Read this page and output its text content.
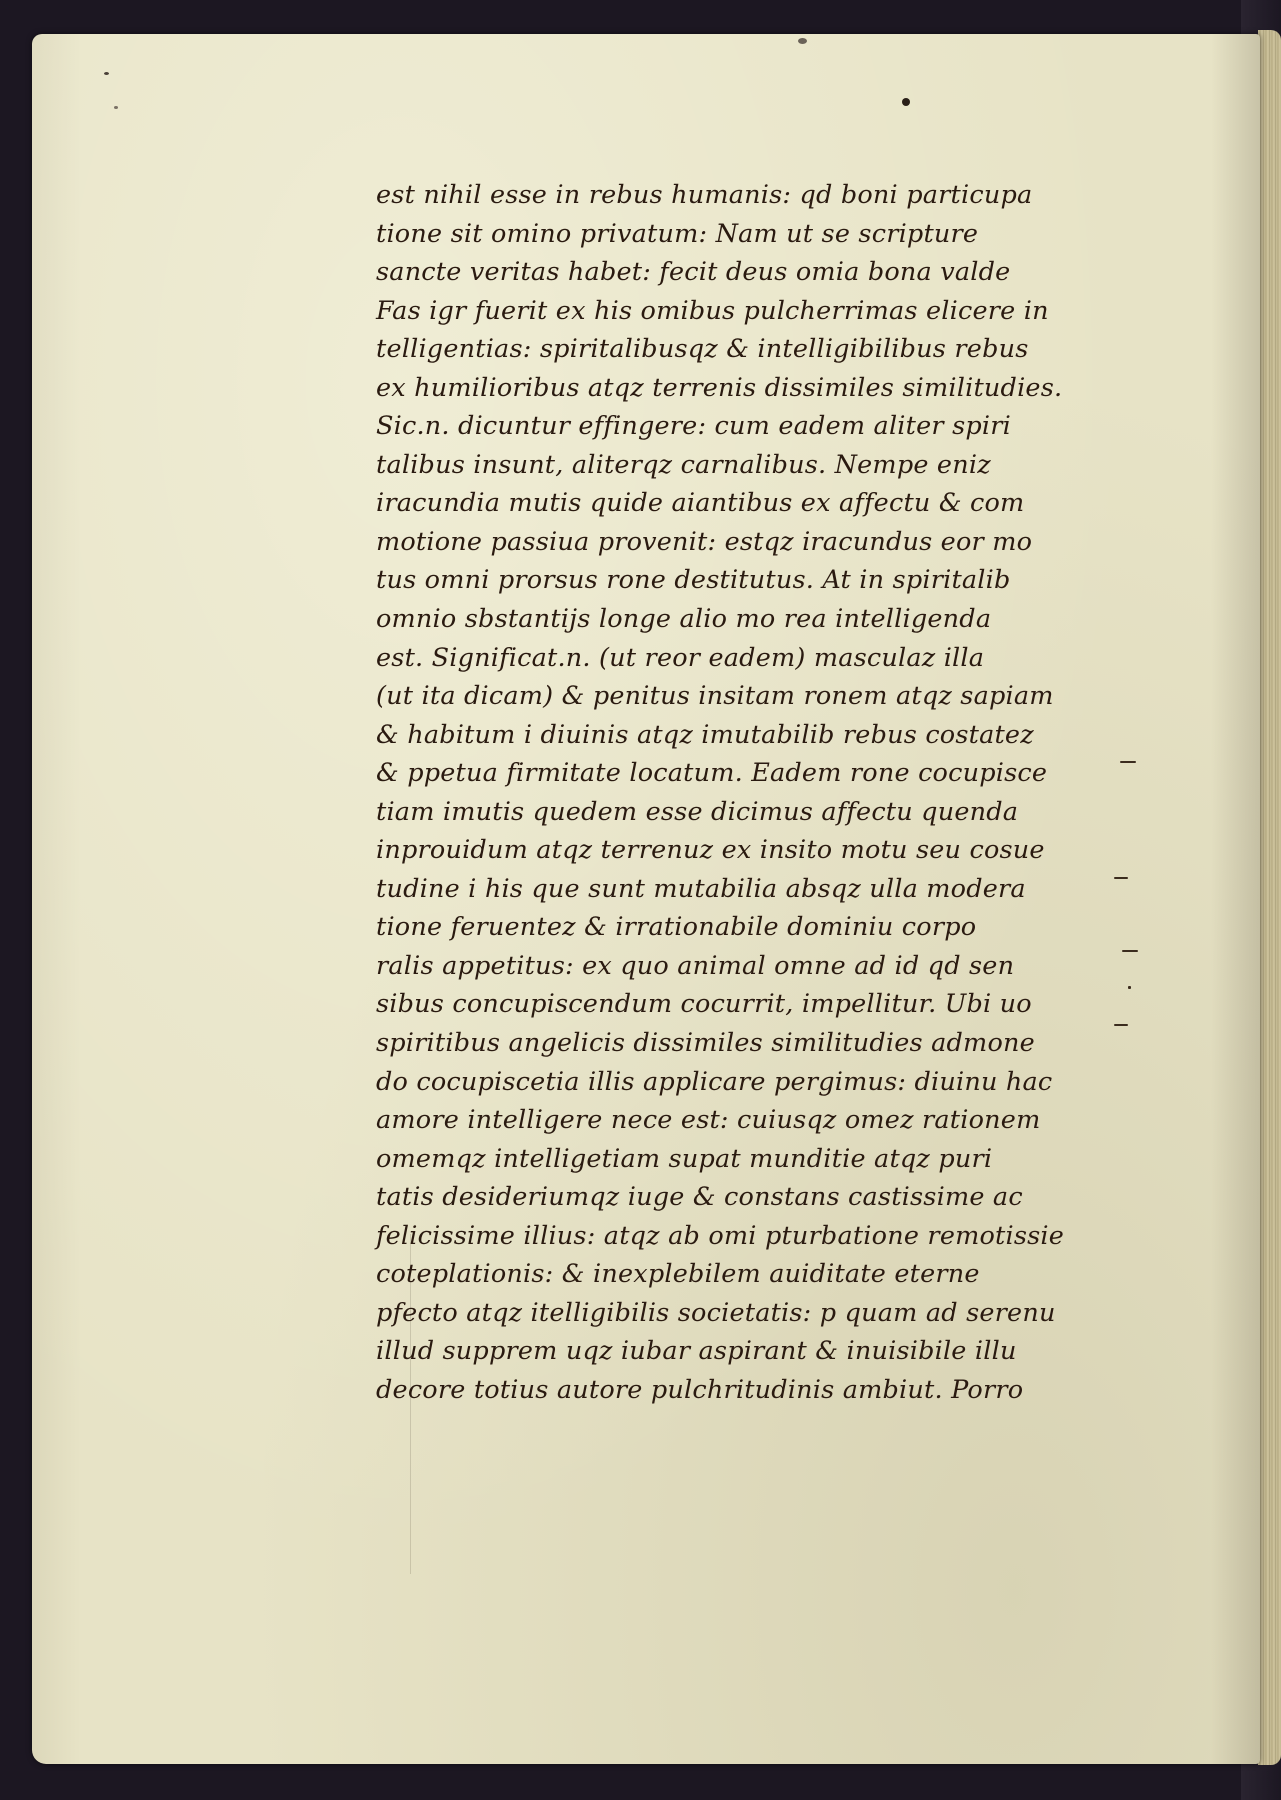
est nihil esse in rebus humanis: qd boni particupa
tione sit omino privatum: Nam ut se scripture
sancte veritas habet: fecit deus omia bona valde
Fas igr fuerit ex his omibus pulcherrimas elicere in
telligentias: spiritalibusqz & intelligibilibus rebus
ex humilioribus atqz terrenis dissimiles similitudies.
Sic.n. dicuntur effingere: cum eadem aliter spiri
talibus insunt, aliterqz carnalibus. Nempe eniz
iracundia mutis quide aiantibus ex affectu & com
motione passiua provenit: estqz iracundus eor mo
tus omni prorsus rone destitutus. At in spiritalib
omnio sbstantijs longe alio mo rea intelligenda
est. Significat.n. (ut reor eadem) masculaz illa
(ut ita dicam) & penitus insitam ronem atqz sapiam
& habitum i diuinis atqz imutabilib rebus costatez
& ppetua firmitate locatum. Eadem rone cocupisce
tiam imutis quedem esse dicimus affectu quenda
inprouidum atqz terrenuz ex insito motu seu cosue
tudine i his que sunt mutabilia absqz ulla modera
tione feruentez & irrationabile dominiu corpo
ralis appetitus: ex quo animal omne ad id qd sen
sibus concupiscendum cocurrit, impellitur. Ubi uo
spiritibus angelicis dissimiles similitudies admone
do cocupiscetia illis applicare pergimus: diuinu hac
amore intelligere nece est: cuiusqz omez rationem
omemqz intelligetiam supat munditie atqz puri
tatis desideriumqz iuge & constans castissime ac
felicissime illius: atqz ab omi pturbatione remotissie
coteplationis: & inexplebilem auiditate eterne
pfecto atqz itelligibilis societatis: p quam ad serenu
illud supprem uqz iubar aspirant & inuisibile illu
decore totius autore pulchritudinis ambiut. Porro
